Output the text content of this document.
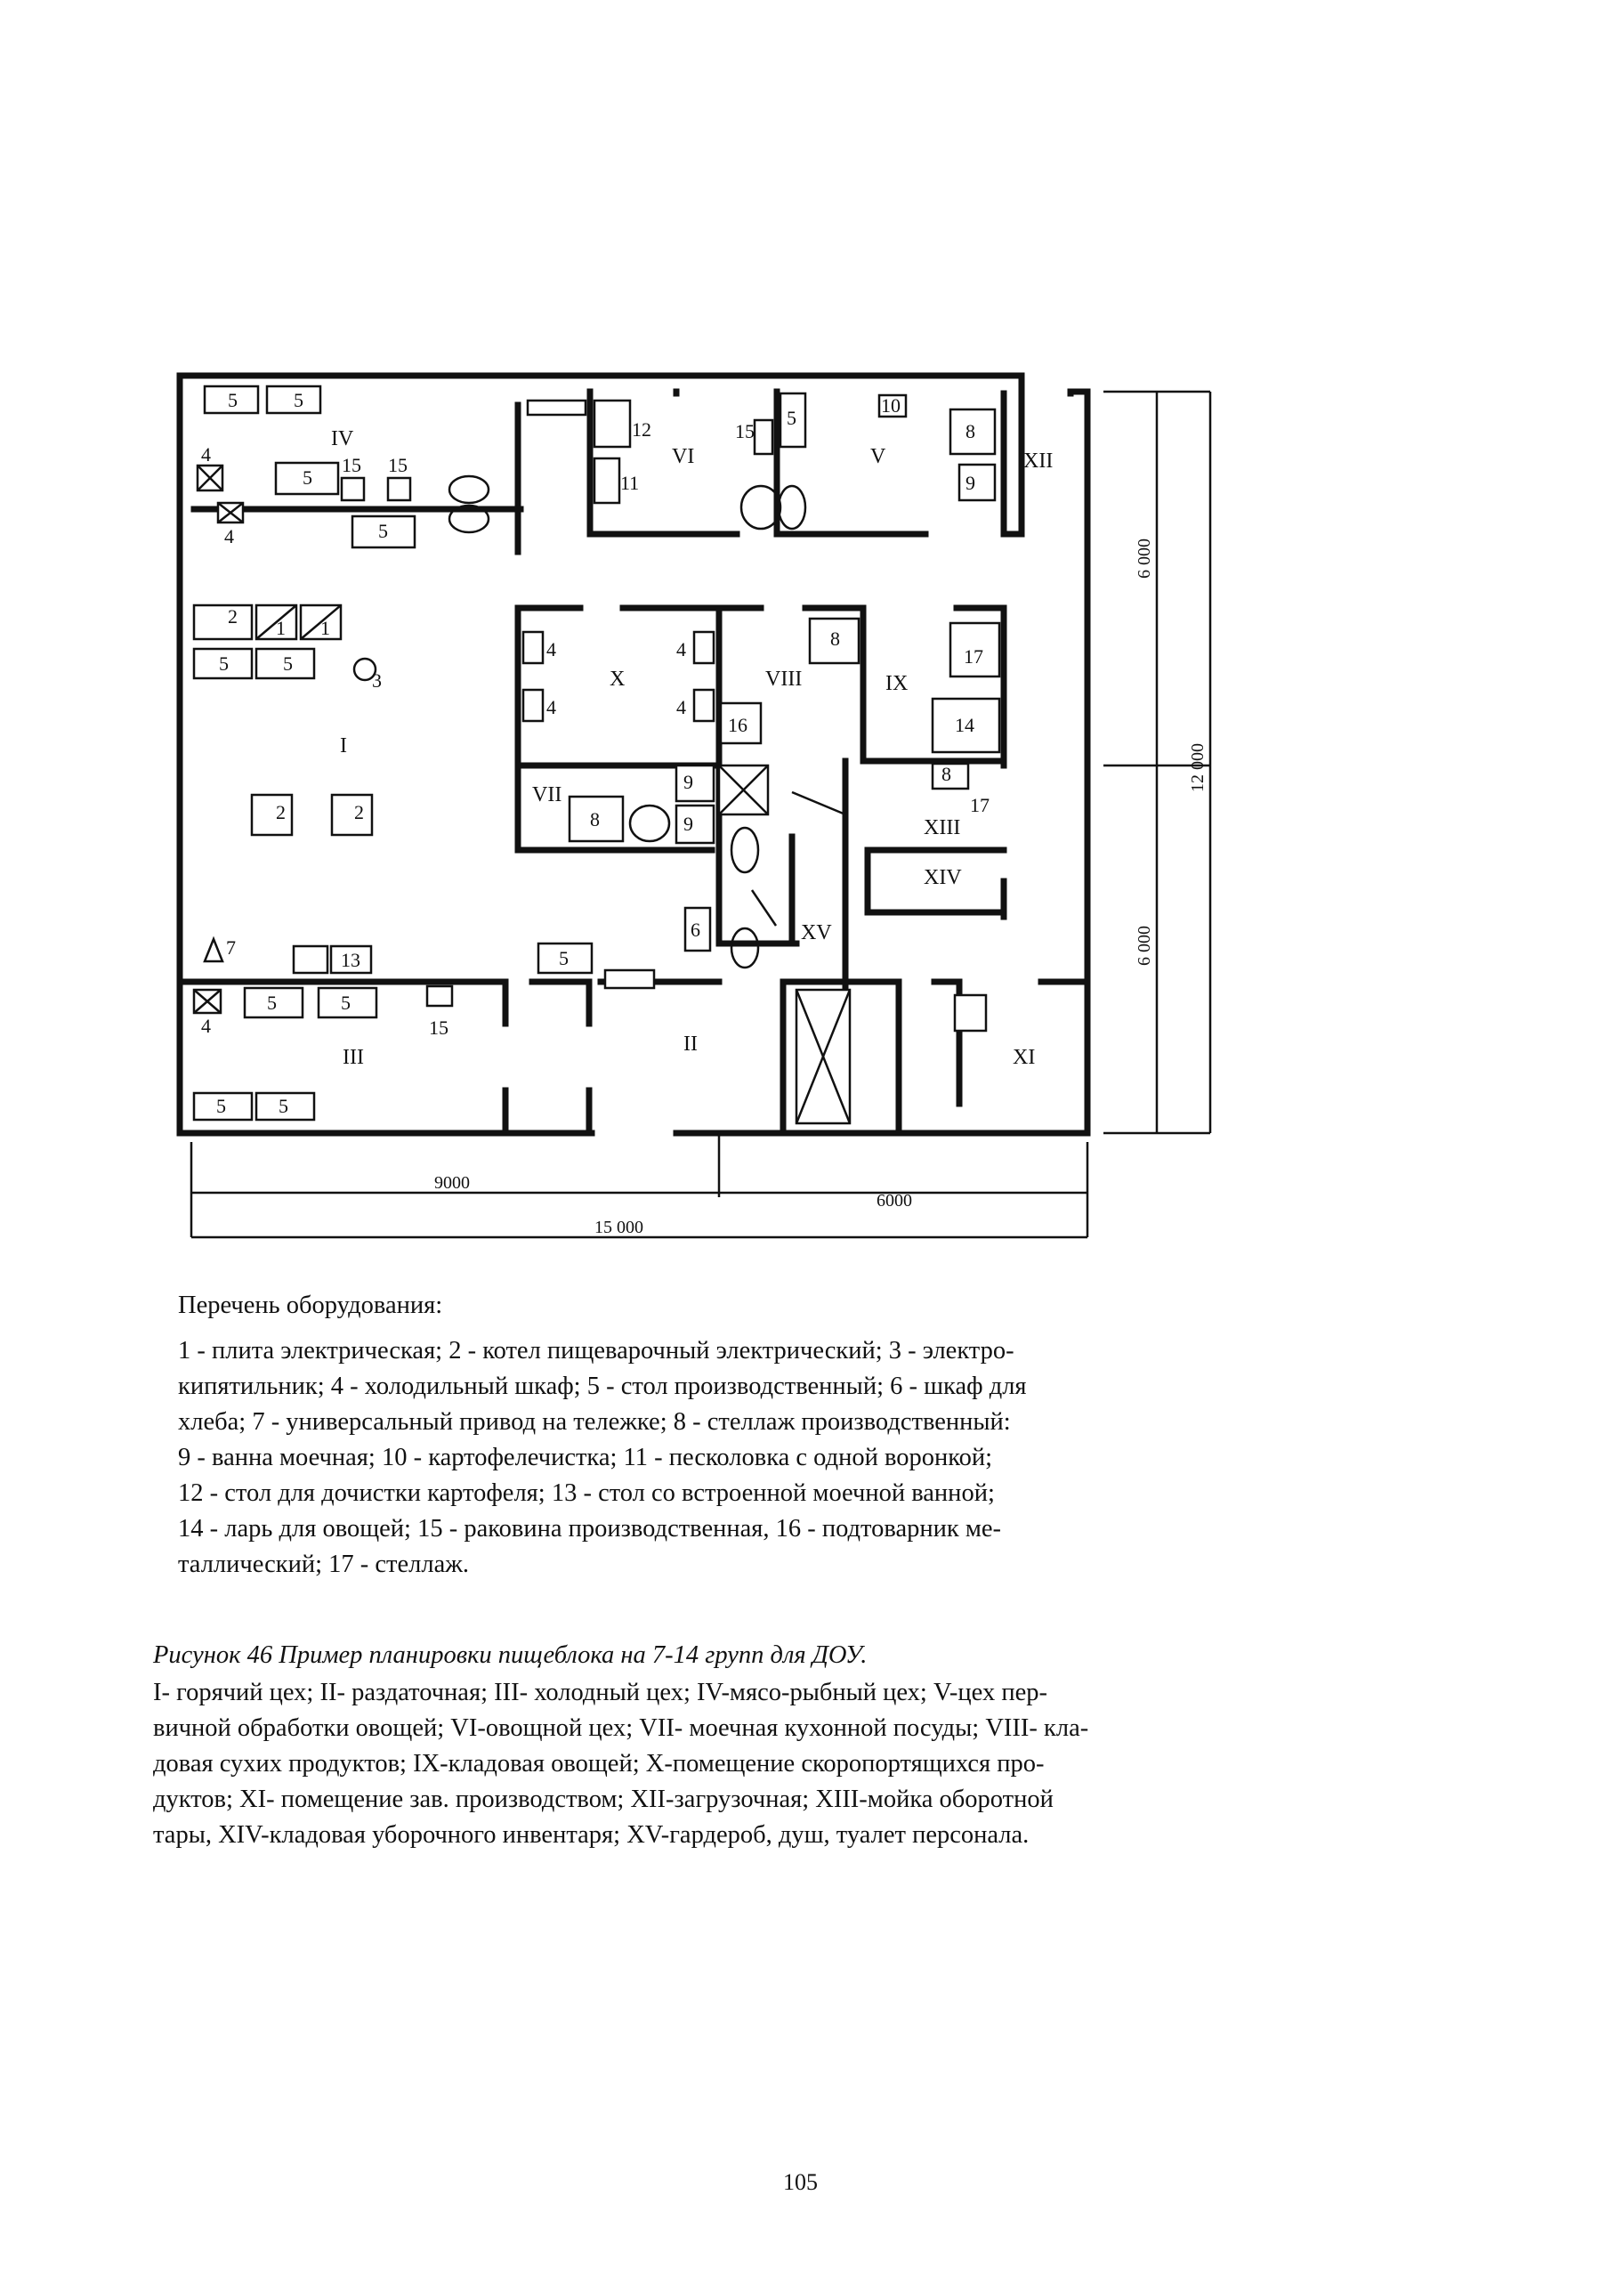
IV
VI	V	XII
X	VIII	IX
I
VII
XIII
XIV
XV
II
III	XI
5	5
4
5
15 15
4	5
12
11
15
5
10
8
9
2
1 1
5	5
3
4
4
4
4
16
8
17
14
8
17
2	2	8
9
9
6
7
13	5
4
5	5
15
5	5
6 000
6 000
12 000
9000
6000
15 000
Перечень оборудования:
1 - плита электрическая; 2 - котел пищеварочный электрический; 3 - электро-
кипятильник; 4 - холодильный шкаф; 5 - стол производственный; 6 - шкаф для
хлеба; 7 - универсальный привод на тележке; 8 - стеллаж производственный:
9 - ванна моечная; 10 - картофелечистка; 11 - песколовка с одной воронкой;
12 - стол для дочистки картофеля; 13 - стол со встроенной моечной ванной;
14 - ларь для овощей; 15 - раковина производственная, 16 - подтоварник ме-
таллический; 17 - стеллаж.
Рисунок 46 Пример планировки пищеблока на 7-14 групп для ДОУ.
I- горячий цех; II- раздаточная; III- холодный цех; IV-мясо-рыбный цех; V-цех пер-
вичной обработки овощей; VI-овощной цех; VII- моечная кухонной посуды; VIII- кла-
довая сухих продуктов; IX-кладовая овощей; X-помещение скоропортящихся про-
дуктов; XI- помещение зав. производством; XII-загрузочная; XIII-мойка оборотной
тары, XIV-кладовая уборочного инвентаря; XV-гардероб, душ, туалет персонала.
105
